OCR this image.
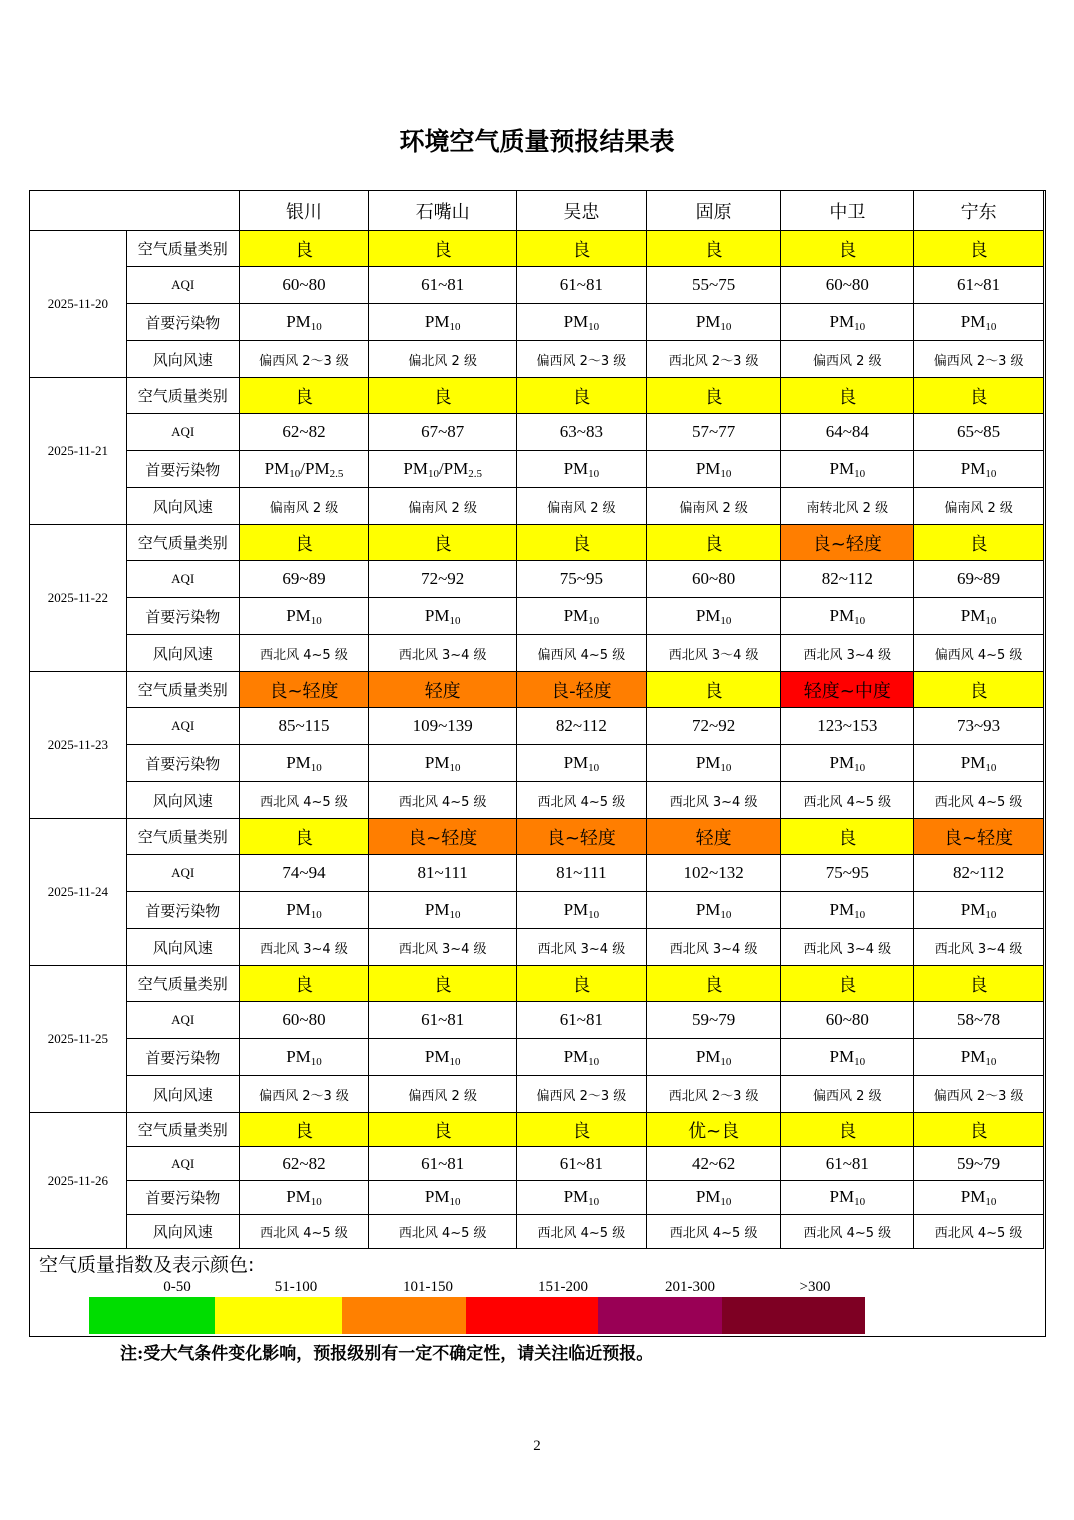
环境空气质量预报结果表
		银川	石嘴山	吴忠	固原	中卫	宁东
2025-11-20	空气质量类别	良	良	良	良	良	良
	AQI	60~80	61~81	61~81	55~75	60~80	61~81
	首要污染物	$PM_{10}$	$PM_{10}$	$PM_{10}$	$PM_{10}$	$PM_{10}$	$PM_{10}$
	风向风速	偏西风 2～3 级	偏北风 2 级	偏西风 2～3 级	西北风 2～3 级	偏西风 2 级	偏西风 2～3 级
2025-11-21	空气质量类别	良	良	良	良	良	良
	AQI	62~82	67~87	63~83	57~77	64~84	65~85
	首要污染物	$PM_{10}/PM_{2.5}$	$PM_{10}/PM_{2.5}$	$PM_{10}$	$PM_{10}$	$PM_{10}$	$PM_{10}$
	风向风速	偏南风 2 级	偏南风 2 级	偏南风 2 级	偏南风 2 级	南转北风 2 级	偏南风 2 级
2025-11-22	空气质量类别	良	良	良	良	良~轻度	良
	AQI	69~89	72~92	75~95	60~80	82~112	69~89
	首要污染物	$PM_{10}$	$PM_{10}$	$PM_{10}$	$PM_{10}$	$PM_{10}$	$PM_{10}$
	风向风速	西北风 4~5 级	西北风 3~4 级	偏西风 4~5 级	西北风 3～4 级	西北风 3~4 级	偏西风 4~5 级
2025-11-23	空气质量类别	良~轻度	轻度	良-轻度	良	轻度~中度	良
	AQI	85~115	109~139	82~112	72~92	123~153	73~93
	首要污染物	$PM_{10}$	$PM_{10}$	$PM_{10}$	$PM_{10}$	$PM_{10}$	$PM_{10}$
	风向风速	西北风 4~5 级	西北风 4~5 级	西北风 4~5 级	西北风 3~4 级	西北风 4~5 级	西北风 4~5 级
2025-11-24	空气质量类别	良	良~轻度	良~轻度	轻度	良	良~轻度
	AQI	74~94	81~111	81~111	102~132	75~95	82~112
	首要污染物	$PM_{10}$	$PM_{10}$	$PM_{10}$	$PM_{10}$	$PM_{10}$	$PM_{10}$
	风向风速	西北风 3~4 级	西北风 3~4 级	西北风 3~4 级	西北风 3~4 级	西北风 3~4 级	西北风 3~4 级
2025-11-25	空气质量类别	良	良	良	良	良	良
	AQI	60~80	61~81	61~81	59~79	60~80	58~78
	首要污染物	$PM_{10}$	$PM_{10}$	$PM_{10}$	$PM_{10}$	$PM_{10}$	$PM_{10}$
	风向风速	偏西风 2～3 级	偏西风 2 级	偏西风 2～3 级	西北风 2～3 级	偏西风 2 级	偏西风 2～3 级
2025-11-26	空气质量类别	良	良	良	优~良	良	良
	AQI	62~82	61~81	61~81	42~62	61~81	59~79
	首要污染物	$PM_{10}$	$PM_{10}$	$PM_{10}$	$PM_{10}$	$PM_{10}$	$PM_{10}$
	风向风速	西北风 4~5 级	西北风 4~5 级	西北风 4~5 级	西北风 4~5 级	西北风 4~5 级	西北风 4~5 级
空气质量指数及表示颜色:
0-50	51-100	101-150	151-200	201-300	>300
注:受大气条件变化影响，预报级别有一定不确定性，请关注临近预报。
2
